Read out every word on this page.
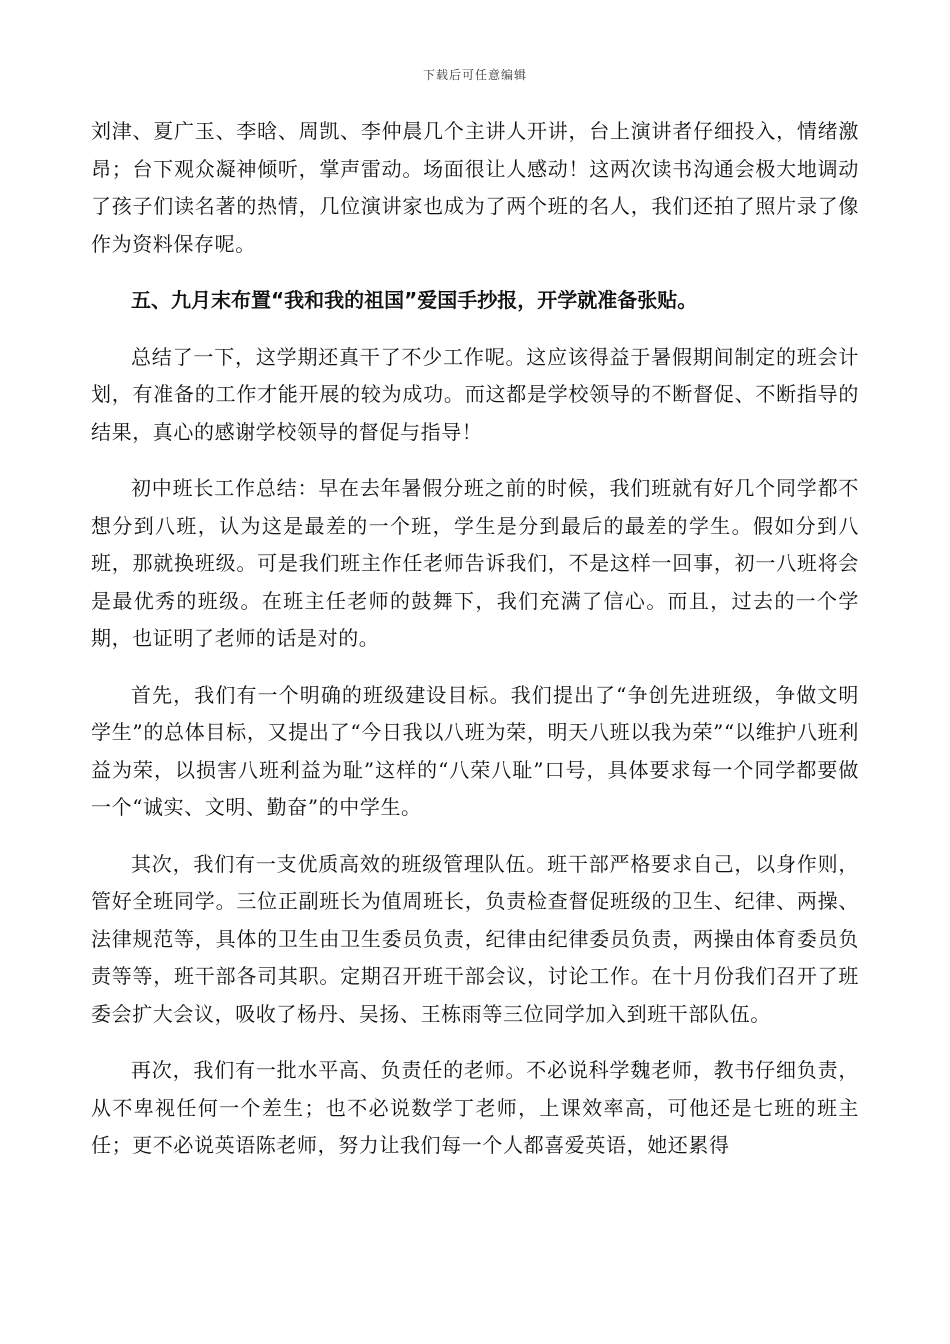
下载后可任意编辑

刘津、夏广玉、李晗、周凯、李仲晨几个主讲人开讲，台上演讲者仔细投入，情绪激昂；台下观众凝神倾听，掌声雷动。场面很让人感动！这两次读书沟通会极大地调动了孩子们读名著的热情，几位演讲家也成为了两个班的名人，我们还拍了照片录了像作为资料保存呢。

五、九月末布置“我和我的祖国”爱国手抄报，开学就准备张贴。

总结了一下，这学期还真干了不少工作呢。这应该得益于暑假期间制定的班会计划，有准备的工作才能开展的较为成功。而这都是学校领导的不断督促、不断指导的结果，真心的感谢学校领导的督促与指导！

初中班长工作总结：早在去年暑假分班之前的时候，我们班就有好几个同学都不想分到八班，认为这是最差的一个班，学生是分到最后的最差的学生。假如分到八班，那就换班级。可是我们班主作任老师告诉我们，不是这样一回事，初一八班将会是最优秀的班级。在班主任老师的鼓舞下，我们充满了信心。而且，过去的一个学期，也证明了老师的话是对的。

首先，我们有一个明确的班级建设目标。我们提出了“争创先进班级，争做文明学生”的总体目标，又提出了“今日我以八班为荣，明天八班以我为荣”“以维护八班利益为荣，以损害八班利益为耻”这样的“八荣八耻”口号，具体要求每一个同学都要做一个“诚实、文明、勤奋”的中学生。

其次，我们有一支优质高效的班级管理队伍。班干部严格要求自己，以身作则，管好全班同学。三位正副班长为值周班长，负责检查督促班级的卫生、纪律、两操、法律规范等，具体的卫生由卫生委员负责，纪律由纪律委员负责，两操由体育委员负责等等，班干部各司其职。定期召开班干部会议，讨论工作。在十月份我们召开了班委会扩大会议，吸收了杨丹、吴扬、王栋雨等三位同学加入到班干部队伍。

再次，我们有一批水平高、负责任的老师。不必说科学魏老师，教书仔细负责，从不卑视任何一个差生；也不必说数学丁老师，上课效率高，可他还是七班的班主任；更不必说英语陈老师，努力让我们每一个人都喜爱英语，她还累得
